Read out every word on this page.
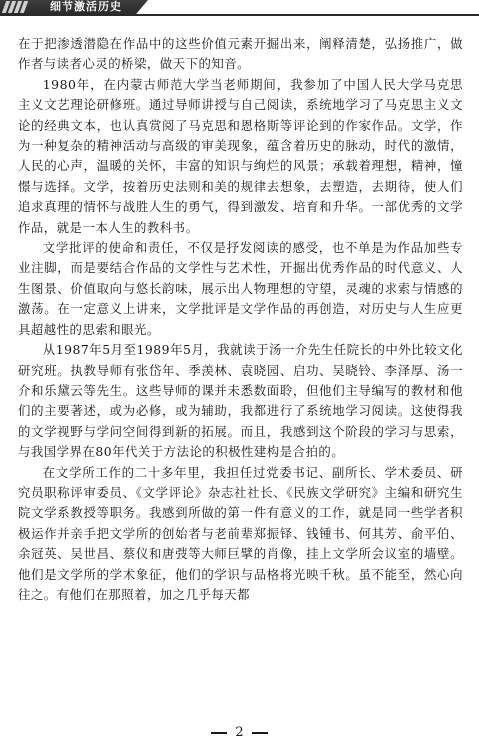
细节激活历史

在于把渗透潜隐在作品中的这些价值元素开掘出来，阐释清楚，弘扬推广，做作者与读者心灵的桥梁，做天下的知音。

1980年，在内蒙古师范大学当老师期间，我参加了中国人民大学马克思主义文艺理论研修班。通过导师讲授与自己阅读，系统地学习了马克思主义文论的经典文本，也认真赏阅了马克思和恩格斯等评论到的作家作品。文学，作为一种复杂的精神活动与高级的审美现象，蕴含着历史的脉动，时代的激情，人民的心声，温暖的关怀，丰富的知识与绚烂的风景；承载着理想，精神，憧憬与选择。文学，按着历史法则和美的规律去想象，去塑造，去期待，使人们追求真理的情怀与战胜人生的勇气，得到激发、培育和升华。一部优秀的文学作品，就是一本人生的教科书。

文学批评的使命和责任，不仅是抒发阅读的感受，也不单是为作品加些专业注脚，而是要结合作品的文学性与艺术性，开掘出优秀作品的时代意义、人生图景、价值取向与悠长韵味，展示出人物理想的守望，灵魂的求索与情感的激荡。在一定意义上讲来，文学批评是文学作品的再创造，对历史与人生应更具超越性的思索和眼光。

从1987年5月至1989年5月，我就读于汤一介先生任院长的中外比较文化研究班。执教导师有张岱年、季羡林、袁晓园、启功、吴晓铃、李泽厚、汤一介和乐黛云等先生。这些导师的课并未悉数面聆，但他们主导编写的教材和他们的主要著述，或为必修，或为辅助，我都进行了系统地学习阅读。这使得我的文学视野与学问空间得到新的拓展。而且，我感到这个阶段的学习与思索，与我国学界在80年代关于方法论的积极性建构是合拍的。

在文学所工作的二十多年里，我担任过党委书记、副所长、学术委员、研究员职称评审委员、《文学评论》杂志社社长、《民族文学研究》主编和研究生院文学系教授等职务。我感到所做的第一件有意义的工作，就是同一些学者积极运作并亲手把文学所的创始者与老前辈郑振铎、钱锺书、何其芳、俞平伯、余冠英、吴世昌、蔡仪和唐弢等大师巨擘的肖像，挂上文学所会议室的墙壁。他们是文学所的学术象征，他们的学识与品格将光映千秋。虽不能至，然心向往之。有他们在那照着，加之几乎每天都

2
